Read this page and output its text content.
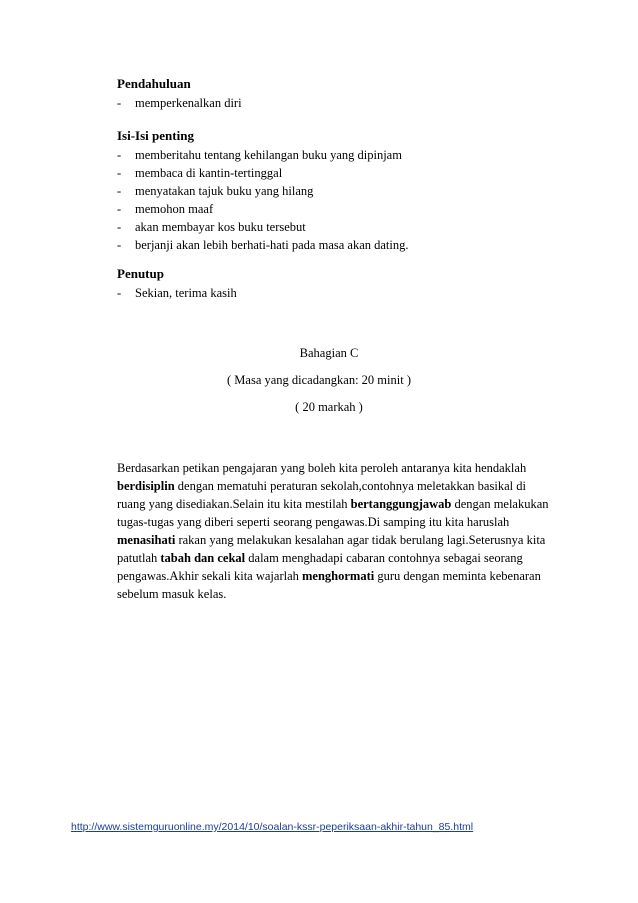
Pendahuluan
- memperkenalkan diri
Isi-Isi penting
- memberitahu tentang kehilangan buku yang dipinjam
- membaca di kantin-tertinggal
- menyatakan tajuk buku yang hilang
- memohon maaf
- akan membayar kos buku tersebut
- berjanji akan lebih berhati-hati pada masa akan dating.
Penutup
- Sekian, terima kasih
Bahagian C
( Masa yang dicadangkan: 20 minit )
( 20 markah )
Berdasarkan petikan pengajaran yang boleh kita peroleh antaranya kita hendaklah
berdisiplin dengan mematuhi peraturan sekolah,contohnya meletakkan basikal di
ruang yang disediakan.Selain itu kita mestilah bertanggungjawab dengan melakukan
tugas-tugas yang diberi seperti seorang pengawas.Di samping itu kita haruslah
menasihati rakan yang melakukan kesalahan agar tidak berulang lagi.Seterusnya kita
patutlah tabah dan cekal dalam menghadapi cabaran contohnya sebagai seorang
pengawas.Akhir sekali kita wajarlah menghormati guru dengan meminta kebenaran
sebelum masuk kelas.
http://www.sistemguruonline.my/2014/10/soalan-kssr-peperiksaan-akhir-tahun_85.html
